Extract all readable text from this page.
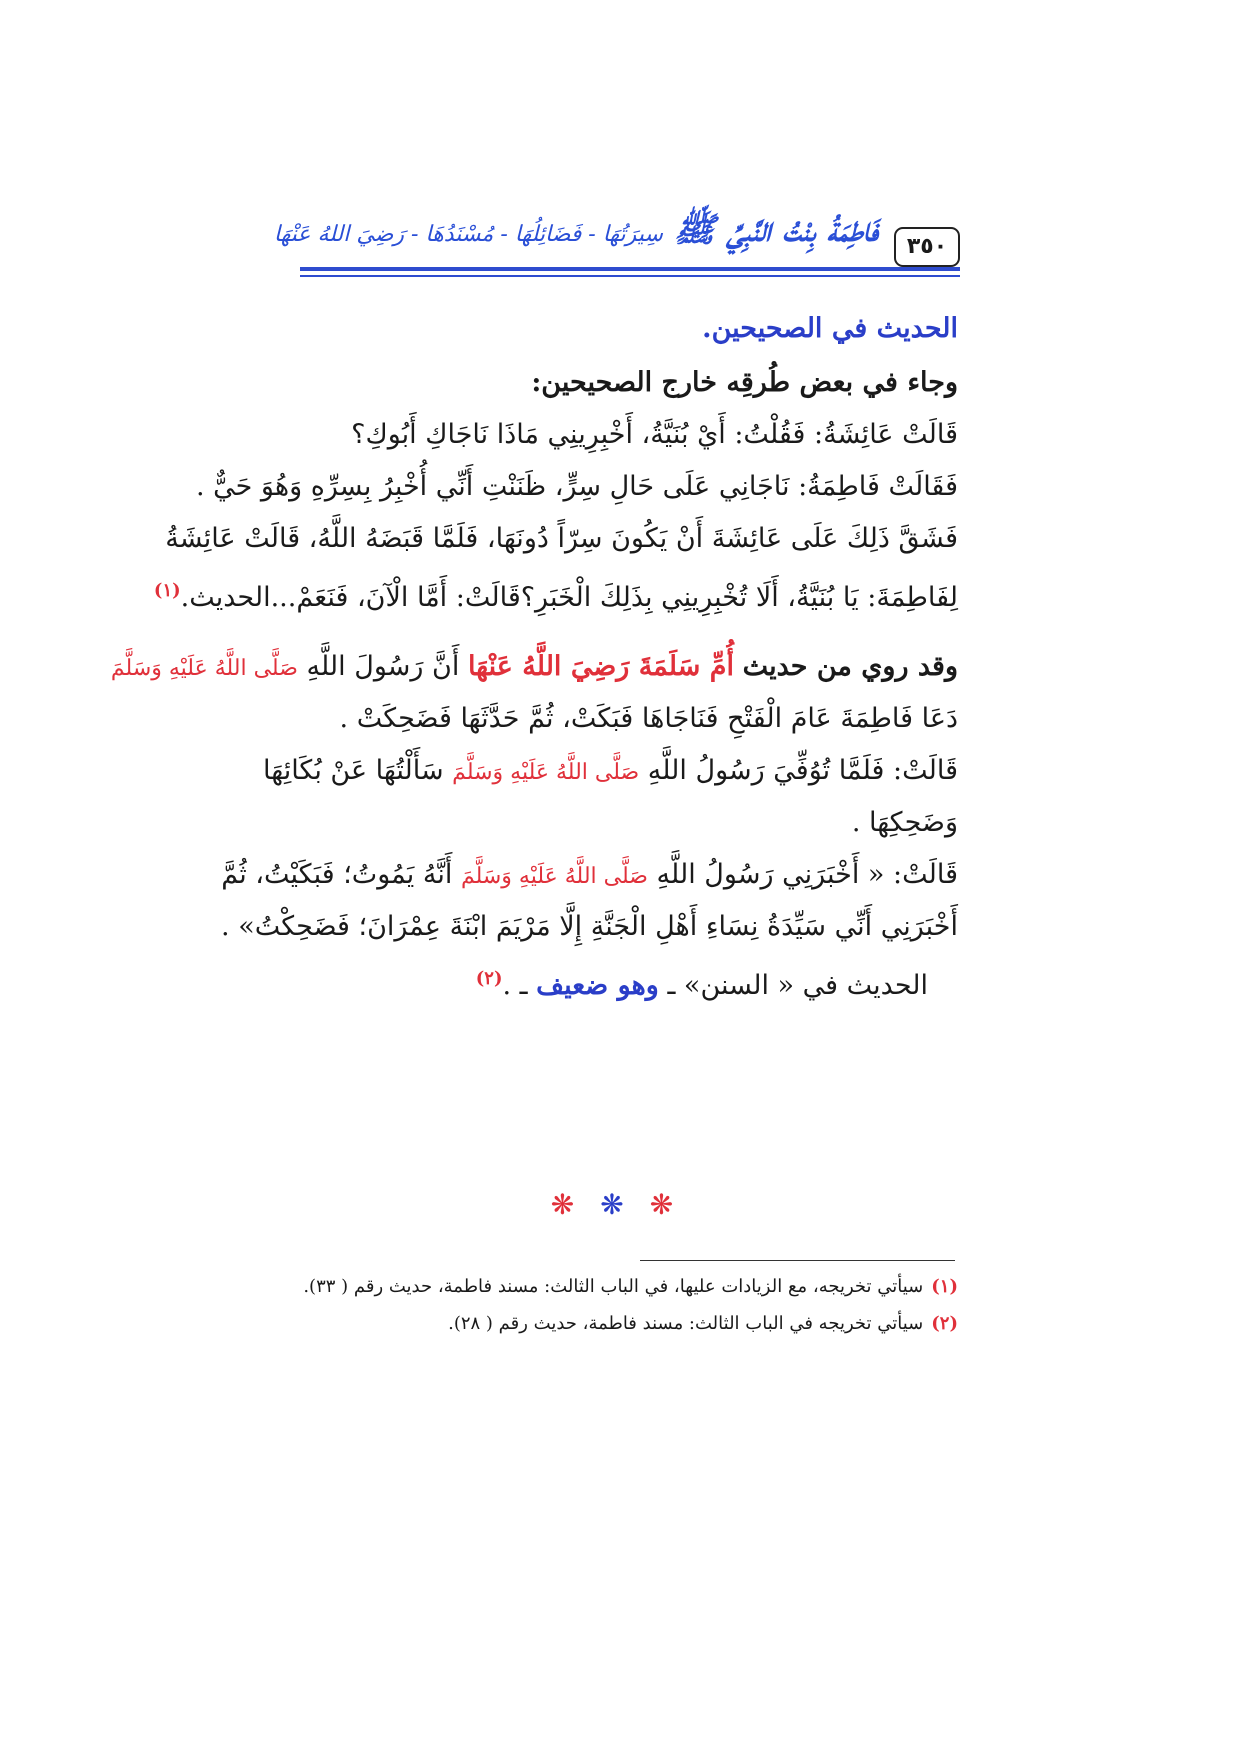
٣٥٠
فَاطِمَةُ بِنْتُ النَّبِيِّ ﷺ سِيرَتُهَا - فَضَائِلُهَا - مُسْنَدُهَا - رَضِيَ اللهُ عَنْهَا

الحديث في الصحيحين.

وجاء في بعض طُرقِه خارج الصحيحين:

قَالَتْ عَائِشَةُ: فَقُلْتُ: أَيْ بُنَيَّةُ، أَخْبِرِينِي مَاذَا نَاجَاكِ أَبُوكِ؟

فَقَالَتْ فَاطِمَةُ: نَاجَانِي عَلَى حَالِ سِرٍّ، ظَنَنْتِ أَنِّي أُخْبِرُ بِسِرِّهِ وَهُوَ حَيٌّ .

فَشَقَّ ذَلِكَ عَلَى عَائِشَةَ أَنْ يَكُونَ سِرّاً دُونَهَا، فَلَمَّا قَبَضَهُ اللَّهُ، قَالَتْ عَائِشَةُ

لِفَاطِمَةَ: يَا بُنَيَّةُ، أَلَا تُخْبِرِينِي بِذَلِكَ الْخَبَرِ؟قَالَتْ: أَمَّا الْآنَ، فَنَعَمْ...الحديث.$^{(١)}$

وقد روي من حديث أُمِّ سَلَمَةَ رَضِيَ اللَّهُ عَنْهَا أَنَّ رَسُولَ اللَّهِ صَلَّى اللَّهُ عَلَيْهِ وَسَلَّمَ

دَعَا فَاطِمَةَ عَامَ الْفَتْحِ فَنَاجَاهَا فَبَكَتْ، ثُمَّ حَدَّثَهَا فَضَحِكَتْ .

قَالَتْ: فَلَمَّا تُوُفِّيَ رَسُولُ اللَّهِ صَلَّى اللَّهُ عَلَيْهِ وَسَلَّمَ سَأَلْتُهَا عَنْ بُكَائِهَا

وَضَحِكِهَا .

قَالَتْ: « أَخْبَرَنِي رَسُولُ اللَّهِ صَلَّى اللَّهُ عَلَيْهِ وَسَلَّمَ أَنَّهُ يَمُوتُ؛ فَبَكَيْتُ، ثُمَّ

أَخْبَرَنِي أَنِّي سَيِّدَةُ نِسَاءِ أَهْلِ الْجَنَّةِ إِلَّا مَرْيَمَ ابْنَةَ عِمْرَانَ؛ فَضَحِكْتُ» .

الحديث في « السنن» ـ وهو ضعيف ـ .$^{(٢)}$

❋❋❋

(١)سيأتي تخريجه، مع الزيادات عليها، في الباب الثالث: مسند فاطمة، حديث رقم ( ٣٣).

(٢)سيأتي تخريجه في الباب الثالث: مسند فاطمة، حديث رقم ( ٢٨).
